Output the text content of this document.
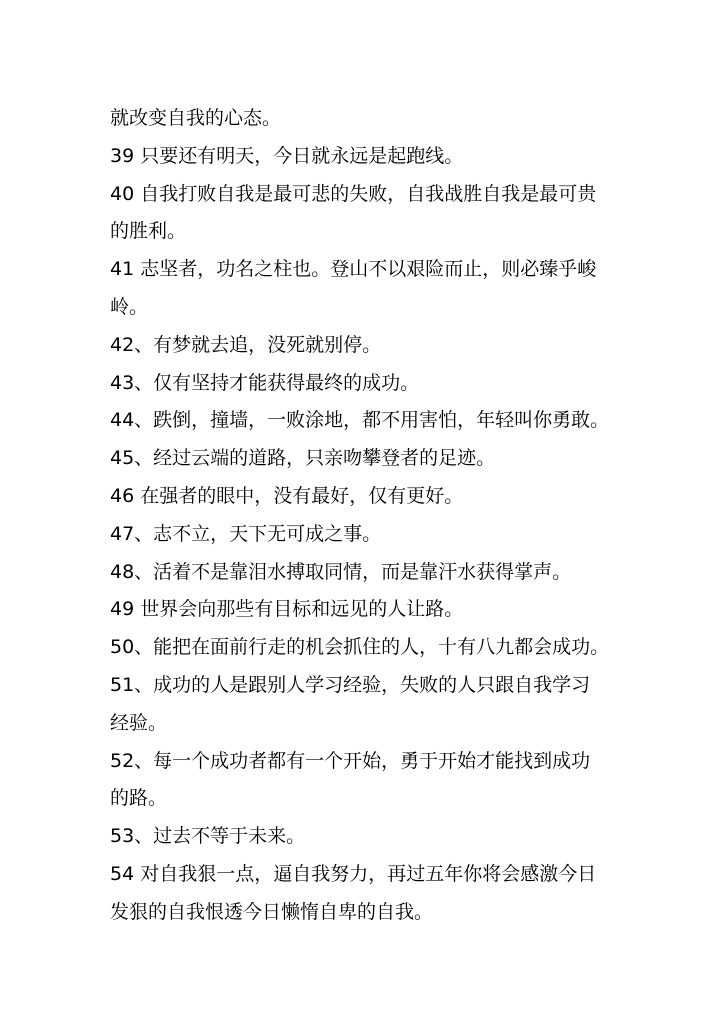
就改变自我的心态。
39 只要还有明天，今日就永远是起跑线。
40 自我打败自我是最可悲的失败，自我战胜自我是最可贵
的胜利。
41 志坚者，功名之柱也。登山不以艰险而止，则必臻乎峻
岭。
42、有梦就去追，没死就别停。
43、仅有坚持才能获得最终的成功。
44、跌倒，撞墙，一败涂地，都不用害怕，年轻叫你勇敢。
45、经过云端的道路，只亲吻攀登者的足迹。
46 在强者的眼中，没有最好，仅有更好。
47、志不立，天下无可成之事。
48、活着不是靠泪水搏取同情，而是靠汗水获得掌声。
49 世界会向那些有目标和远见的人让路。
50、能把在面前行走的机会抓住的人，十有八九都会成功。
51、成功的人是跟别人学习经验，失败的人只跟自我学习
经验。
52、每一个成功者都有一个开始，勇于开始才能找到成功
的路。
53、过去不等于未来。
54 对自我狠一点，逼自我努力，再过五年你将会感激今日
发狠的自我恨透今日懒惰自卑的自我。
